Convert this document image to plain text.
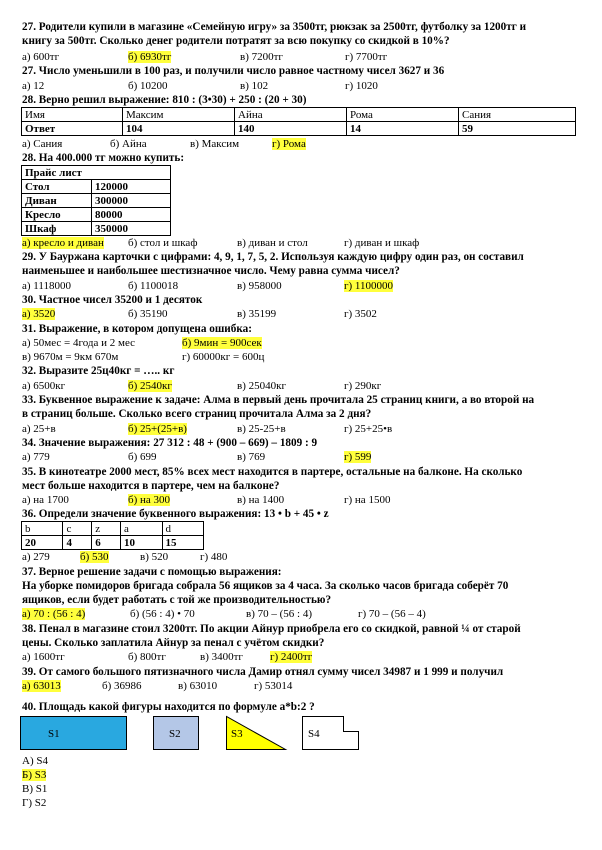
27. Родители купили в магазине «Семейную игру» за 3500тг, рюкзак за 2500тг, футболку за 1200тг и
книгу за 500тг. Сколько денег родители потратят за всю покупку со скидкой в 10%?
а) 600тг	б) 6930тг	в) 7200тг	г) 7700тг
27. Число уменьшили в 100 раз, и получили число равное частному чисел 3627 и 36
а) 12	б) 10200	в) 102	г) 1020
28. Верно решил выражение: 810 : (3•30) + 250 : (20 + 30)
Имя	Максим	Айна	Рома	Сания
Ответ	104	140	14	59
а) Сания	б) Айна	в) Максим	г) Рома
28. На 400.000 тг можно купить:
Прайс лист	
Стол	120000
Диван	300000
Кресло	80000
Шкаф	350000
а) кресло и диван б) стол и шкаф	в) диван и стол	г) диван и шкаф
29. У Бауржана карточки с цифрами: 4, 9, 1, 7, 5, 2. Используя каждую цифру один раз, он составил
наименьшее и наибольшее шестизначное число. Чему равна сумма чисел?
а) 1118000	б) 1100018	в) 958000	г) 1100000
30. Частное чисел 35200 и 1 десяток
а) 3520	б) 35190	в) 35199	г) 3502
31. Выражение, в котором допущена ошибка:
а) 50мес = 4года и 2 мес	б) 9мин = 900сек
в) 9670м = 9км 670м	г) 60000кг = 600ц
32. Выразите 25ц40кг = ….. кг
а) 6500кг	б) 2540кг	в) 25040кг	г) 290кг
33. Буквенное выражение к задаче: Алма в первый день прочитала 25 страниц книги, а во второй на
в страниц больше. Сколько всего страниц прочитала Алма за 2 дня?
а) 25+в	б) 25+(25+в)	в) 25-25+в	г) 25+25•в
34. Значение выражения: 27 312 : 48 + (900 – 669) – 1809 : 9
а) 779	б) 699	в) 769	г) 599
35. В кинотеатре 2000 мест, 85% всех мест находится в партере, остальные на балконе. На сколько
мест больше находится в партере, чем на балконе?
а) на 1700	б) на 300	в) на 1400	г) на 1500
36. Определи значение буквенного выражения: 13 • b + 45 • z
b	c	z	a	d
20	4	6	10	15
а) 279	б) 530	в) 520	г) 480
37. Верное решение задачи с помощью выражения:
На уборке помидоров бригада собрала 56 ящиков за 4 часа. За сколько часов бригада соберёт 70
ящиков, если будет работать с той же производительностью?
а) 70 : (56 : 4)	б) (56 : 4) • 70	в) 70 – (56 : 4)	г) 70 – (56 – 4)
38. Пенал в магазине стоил 3200тг. По акции Айнур приобрела его со скидкой, равной ¼ от старой
цены. Сколько заплатила Айнур за пенал с учётом скидки?
а) 1600тг	б) 800тг	в) 3400тг г) 2400тг
39. От самого большого пятизначного числа Дамир отнял сумму чисел 34987 и 1 999 и получил
а) 63013	б) 36986	в) 63010	г) 53014
40. Площадь какой фигуры находится по формуле а*b:2 ?
S1	S2	S3	S4
А) S4
Б) S3
В) S1
Г) S2
